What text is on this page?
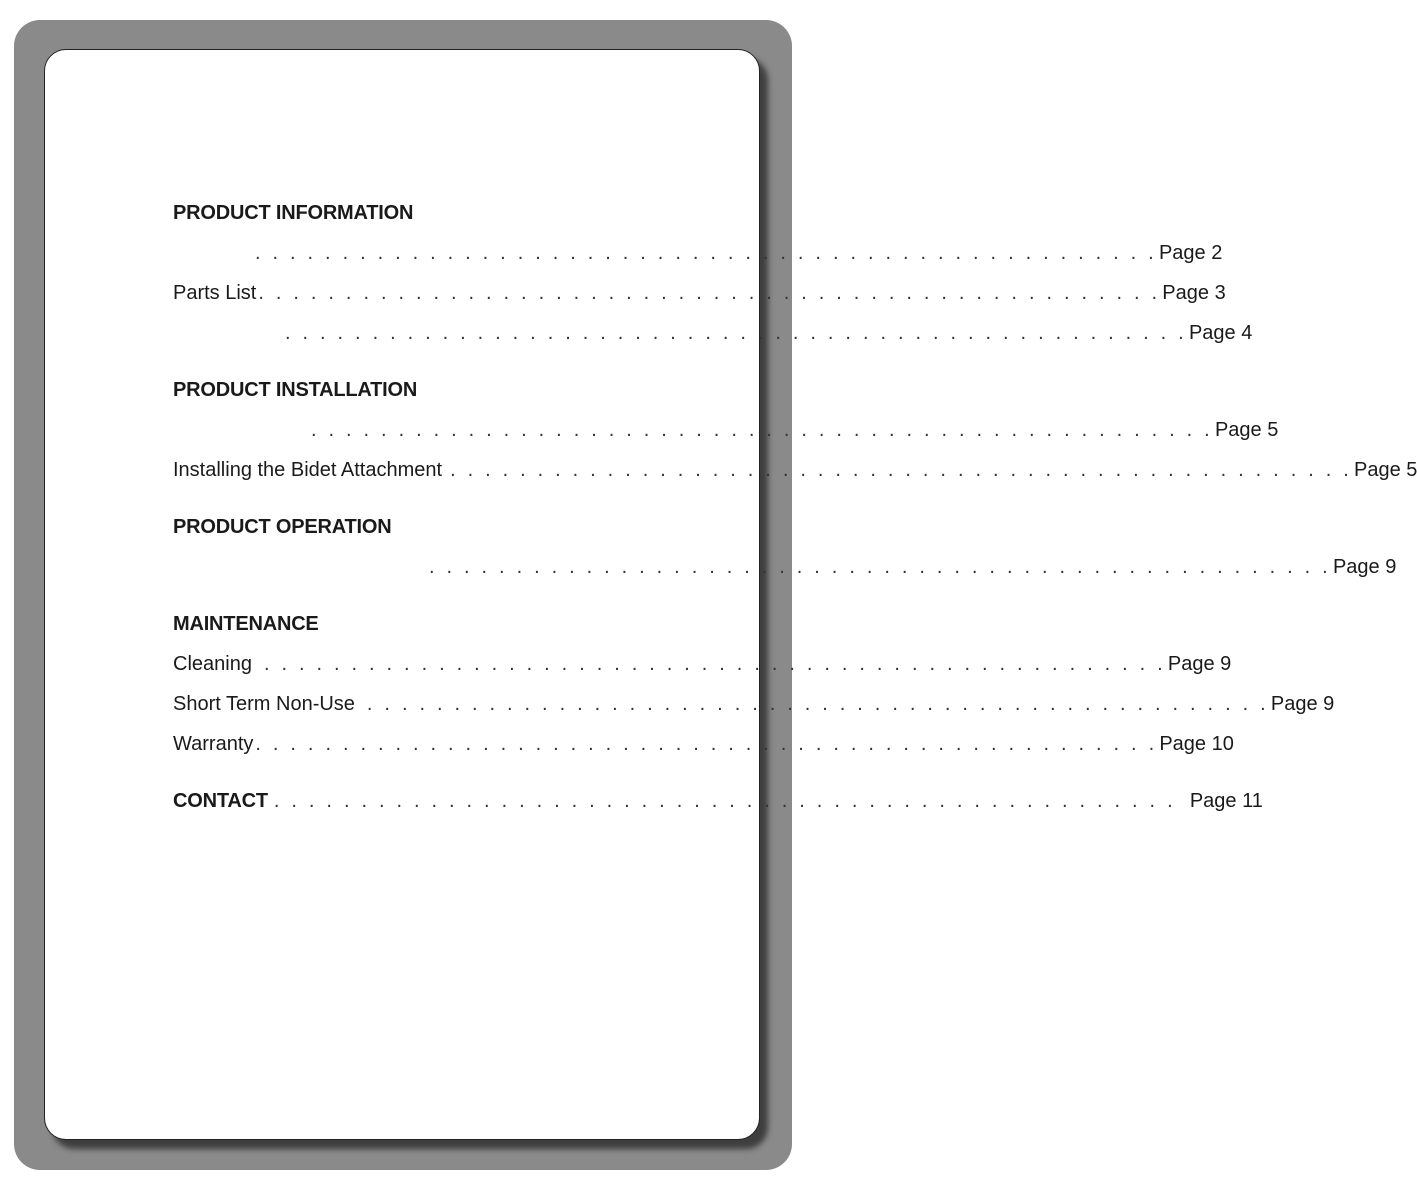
PRODUCT INFORMATION
. . . . . . . . . . . . . . . . . . . . . . . . . . . . . . . . . . . . . . . . . . . . . . . . . . . . Page 2
Parts List . . . . . . . . . . . . . . . . . . . . . . . . . . . . . . . . . . . . . . . . . . . . . . . . . . . . Page 3
. . . . . . . . . . . . . . . . . . . . . . . . . . . . . . . . . . . . . . . . . . . . . . . . . . . . Page 4
PRODUCT INSTALLATION
. . . . . . . . . . . . . . . . . . . . . . . . . . . . . . . . . . . . . . . . . . . . . . . . . . . . Page 5
Installing the Bidet Attachment . . . . . . . . . . . . . . . . . . . . . . . . . . . . . . . . . . . . . . . . . . . . . . . . . . . . Page 5
PRODUCT OPERATION
. . . . . . . . . . . . . . . . . . . . . . . . . . . . . . . . . . . . . . . . . . . . . . . . . . . . Page 9
MAINTENANCE
Cleaning . . . . . . . . . . . . . . . . . . . . . . . . . . . . . . . . . . . . . . . . . . . . . . . . . . . . Page 9
Short Term Non-Use . . . . . . . . . . . . . . . . . . . . . . . . . . . . . . . . . . . . . . . . . . . . . . . . . . . . Page 9
Warranty . . . . . . . . . . . . . . . . . . . . . . . . . . . . . . . . . . . . . . . . . . . . . . . . . . . . Page 10
CONTACT . . . . . . . . . . . . . . . . . . . . . . . . . . . . . . . . . . . . . . . . . . . . . . . . . . . . Page 11
